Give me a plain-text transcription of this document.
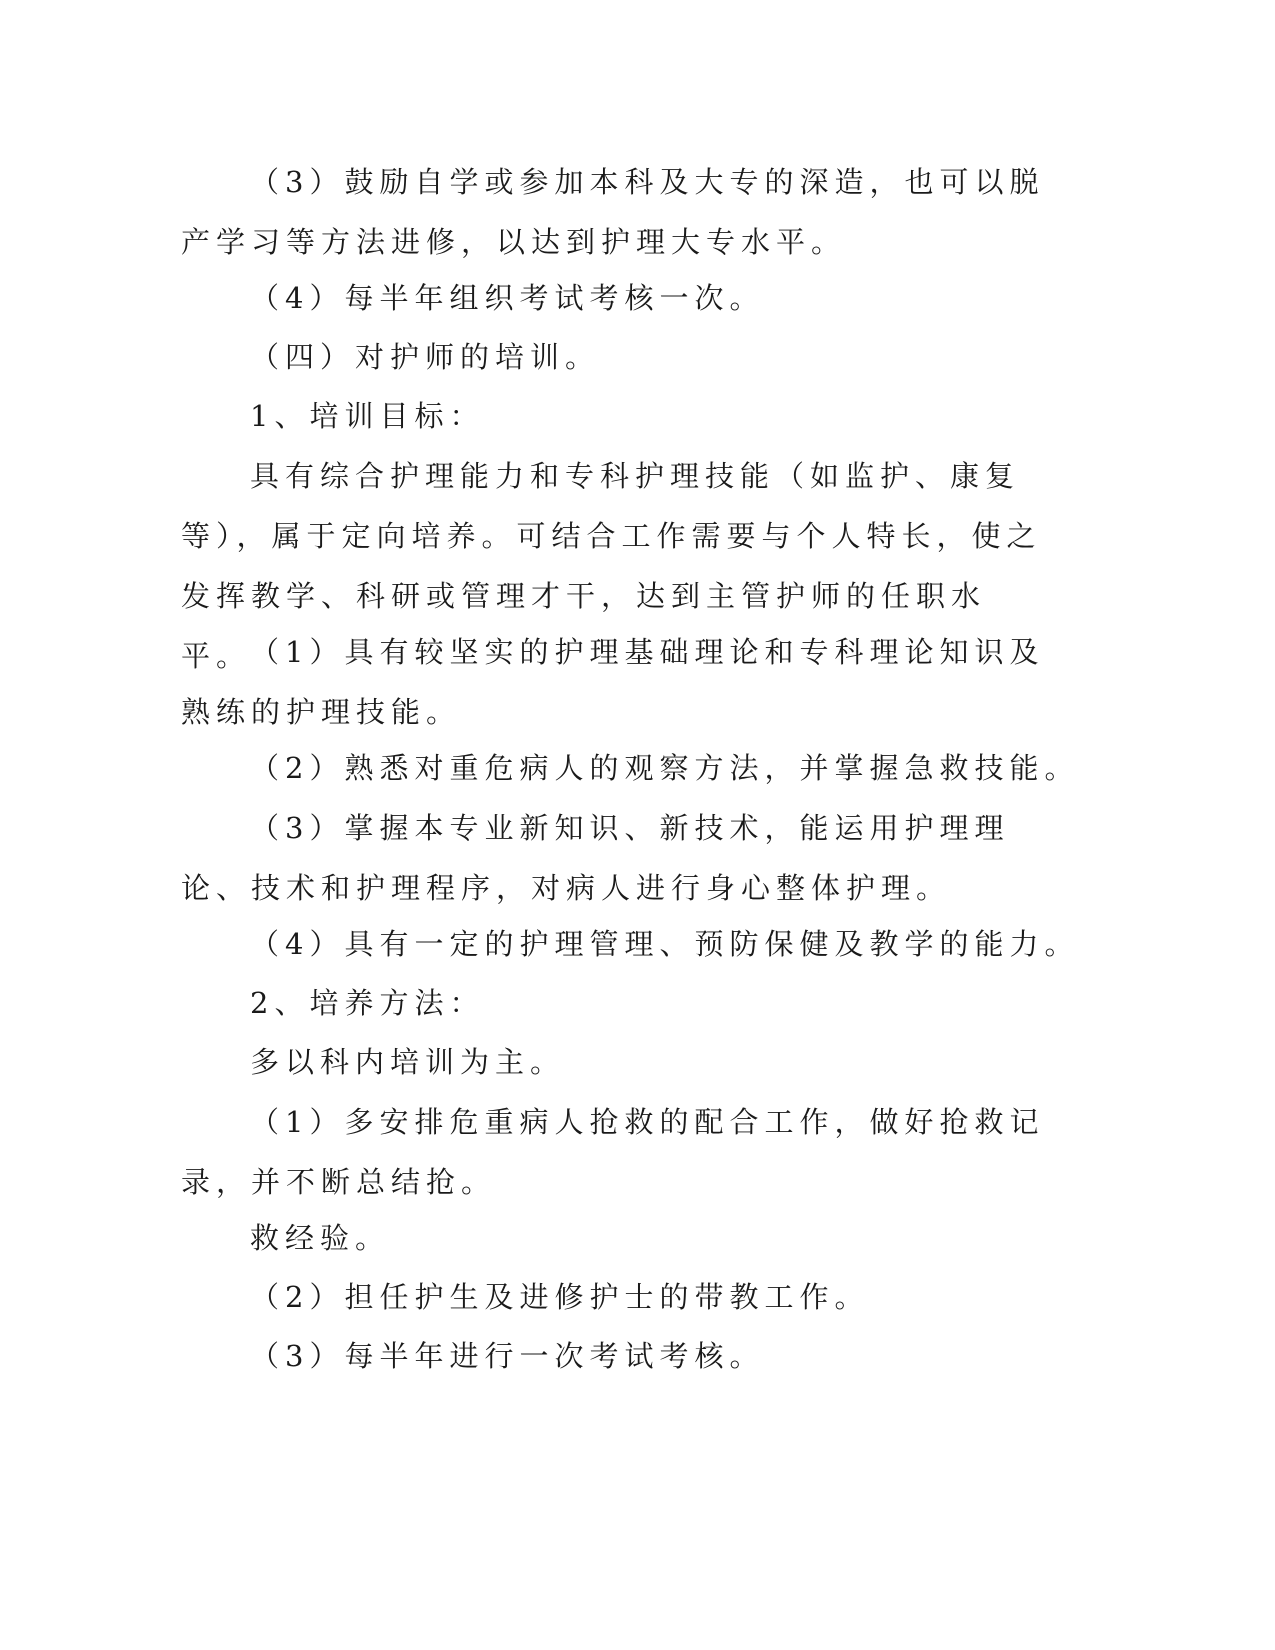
（3）鼓励自学或参加本科及大专的深造，也可以脱产学习等方法进修，以达到护理大专水平。

（4）每半年组织考试考核一次。

（四）对护师的培训。

1、培训目标：

具有综合护理能力和专科护理技能（如监护、康复等），属于定向培养。可结合工作需要与个人特长，使之发挥教学、科研或管理才干，达到主管护师的任职水平。

（1）具有较坚实的护理基础理论和专科理论知识及熟练的护理技能。

（2）熟悉对重危病人的观察方法，并掌握急救技能。

（3）掌握本专业新知识、新技术，能运用护理理论、技术和护理程序，对病人进行身心整体护理。

（4）具有一定的护理管理、预防保健及教学的能力。

2、培养方法：

多以科内培训为主。

（1）多安排危重病人抢救的配合工作，做好抢救记录，并不断总结抢。

救经验。

（2）担任护生及进修护士的带教工作。

（3）每半年进行一次考试考核。
